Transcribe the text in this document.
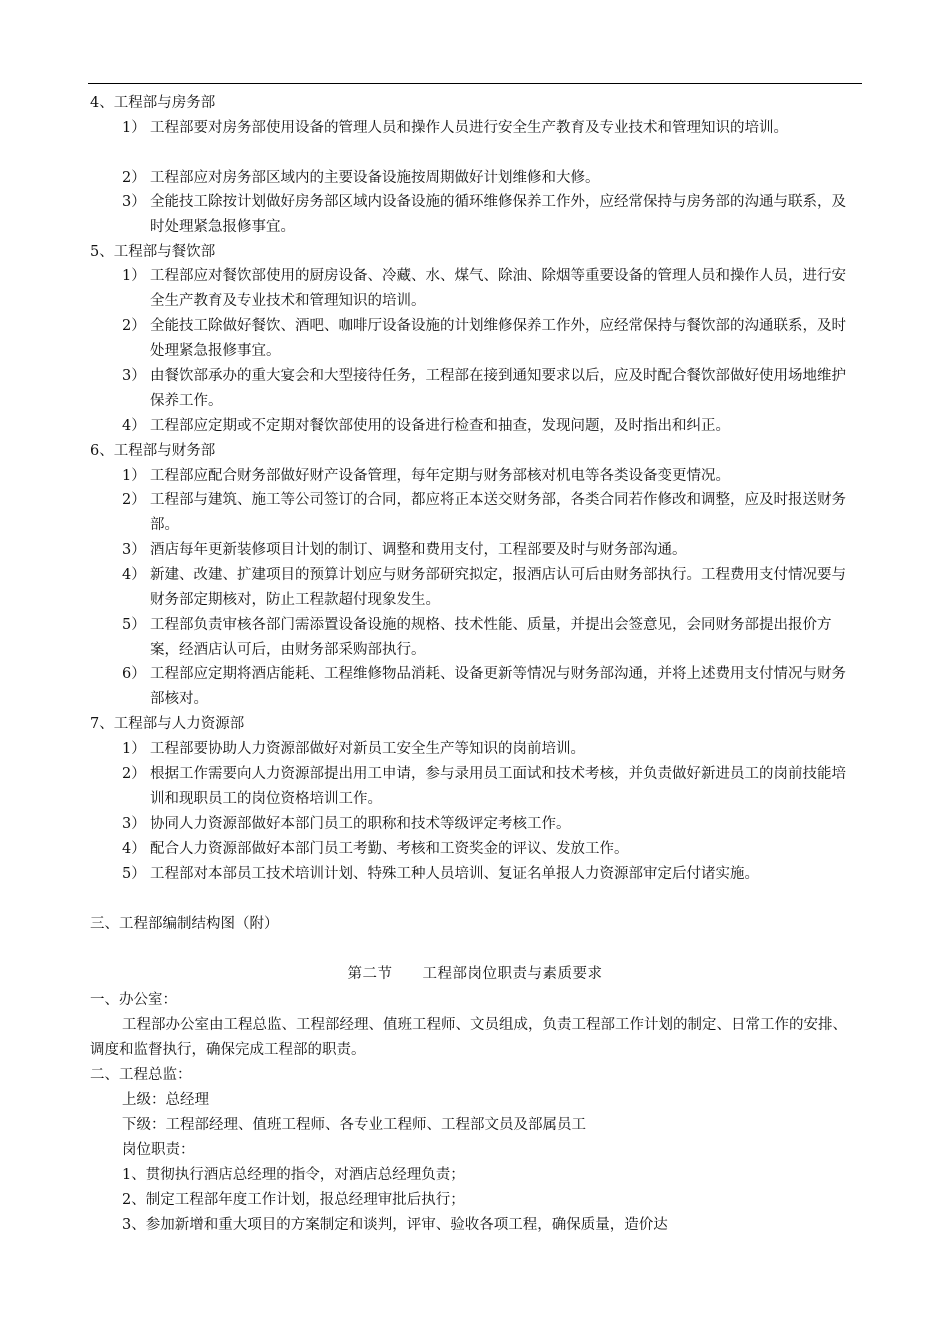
4、工程部与房务部
1） 工程部要对房务部使用设备的管理人员和操作人员进行安全生产教育及专业技术和管理知识的培训。
2） 工程部应对房务部区域内的主要设备设施按周期做好计划维修和大修。
3） 全能技工除按计划做好房务部区域内设备设施的循环维修保养工作外，应经常保持与房务部的沟通与联系，及时处理紧急报修事宜。
5、工程部与餐饮部
1） 工程部应对餐饮部使用的厨房设备、冷藏、水、煤气、除油、除烟等重要设备的管理人员和操作人员，进行安全生产教育及专业技术和管理知识的培训。
2） 全能技工除做好餐饮、酒吧、咖啡厅设备设施的计划维修保养工作外，应经常保持与餐饮部的沟通联系，及时处理紧急报修事宜。
3） 由餐饮部承办的重大宴会和大型接待任务，工程部在接到通知要求以后，应及时配合餐饮部做好使用场地维护保养工作。
4） 工程部应定期或不定期对餐饮部使用的设备进行检查和抽查，发现问题，及时指出和纠正。
6、工程部与财务部
1） 工程部应配合财务部做好财产设备管理，每年定期与财务部核对机电等各类设备变更情况。
2） 工程部与建筑、施工等公司签订的合同，都应将正本送交财务部，各类合同若作修改和调整，应及时报送财务部。
3） 酒店每年更新装修项目计划的制订、调整和费用支付，工程部要及时与财务部沟通。
4） 新建、改建、扩建项目的预算计划应与财务部研究拟定，报酒店认可后由财务部执行。工程费用支付情况要与财务部定期核对，防止工程款超付现象发生。
5） 工程部负责审核各部门需添置设备设施的规格、技术性能、质量，并提出会签意见，会同财务部提出报价方案，经酒店认可后，由财务部采购部执行。
6） 工程部应定期将酒店能耗、工程维修物品消耗、设备更新等情况与财务部沟通，并将上述费用支付情况与财务部核对。
7、工程部与人力资源部
1） 工程部要协助人力资源部做好对新员工安全生产等知识的岗前培训。
2） 根据工作需要向人力资源部提出用工申请，参与录用员工面试和技术考核，并负责做好新进员工的岗前技能培训和现职员工的岗位资格培训工作。
3） 协同人力资源部做好本部门员工的职称和技术等级评定考核工作。
4） 配合人力资源部做好本部门员工考勤、考核和工资奖金的评议、发放工作。
5） 工程部对本部员工技术培训计划、特殊工种人员培训、复证名单报人力资源部审定后付诸实施。
三、工程部编制结构图（附）
第二节　　工程部岗位职责与素质要求
一、办公室：
工程部办公室由工程总监、工程部经理、值班工程师、文员组成，负责工程部工作计划的制定、日常工作的安排、调度和监督执行，确保完成工程部的职责。
二、工程总监：
上级：总经理
下级：工程部经理、值班工程师、各专业工程师、工程部文员及部属员工
岗位职责：
1、贯彻执行酒店总经理的指令，对酒店总经理负责；
2、制定工程部年度工作计划，报总经理审批后执行；
3、参加新增和重大项目的方案制定和谈判，评审、验收各项工程，确保质量，造价达
